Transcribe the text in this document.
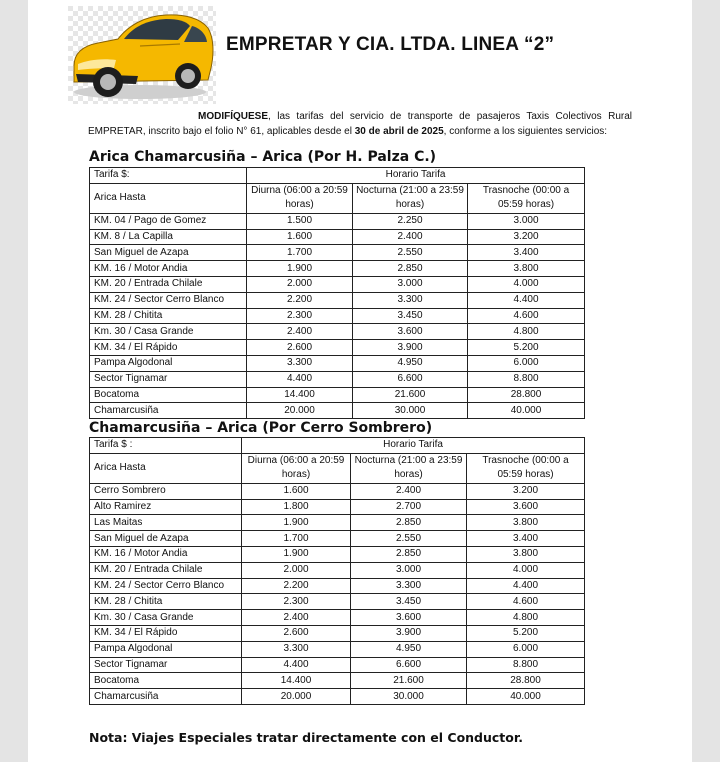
EMPRETAR Y CIA. LTDA. LINEA “2”
MODIFÍQUESE, las tarifas del servicio de transporte de pasajeros Taxis Colectivos Rural EMPRETAR, inscrito bajo el folio N° 61, aplicables desde el 30 de abril de 2025, conforme a los siguientes servicios:
Arica Chamarcusiña – Arica (Por H. Palza C.)
Tarifa $:	Horario Tarifa		
Arica Hasta	Diurna (06:00 a 20:59 horas)	Nocturna (21:00 a 23:59 horas)	Trasnoche (00:00 a 05:59 horas)
KM. 04 / Pago de Gomez	1.500	2.250	3.000
KM. 8 / La Capilla	1.600	2.400	3.200
San Miguel de Azapa	1.700	2.550	3.400
KM. 16 / Motor Andia	1.900	2.850	3.800
KM. 20 / Entrada Chilale	2.000	3.000	4.000
KM. 24 / Sector Cerro Blanco	2.200	3.300	4.400
KM. 28 / Chitita	2.300	3.450	4.600
Km. 30 / Casa Grande	2.400	3.600	4.800
KM. 34 / El Rápido	2.600	3.900	5.200
Pampa Algodonal	3.300	4.950	6.000
Sector Tignamar	4.400	6.600	8.800
Bocatoma	14.400	21.600	28.800
Chamarcusiña	20.000	30.000	40.000
Chamarcusiña – Arica (Por Cerro Sombrero)
Tarifa $ :	Horario Tarifa		
Arica Hasta	Diurna (06:00 a 20:59 horas)	Nocturna (21:00 a 23:59 horas)	Trasnoche (00:00 a 05:59 horas)
Cerro Sombrero	1.600	2.400	3.200
Alto Ramirez	1.800	2.700	3.600
Las Maitas	1.900	2.850	3.800
San Miguel de Azapa	1.700	2.550	3.400
KM. 16 / Motor Andia	1.900	2.850	3.800
KM. 20 / Entrada Chilale	2.000	3.000	4.000
KM. 24 / Sector Cerro Blanco	2.200	3.300	4.400
KM. 28 / Chitita	2.300	3.450	4.600
Km. 30 / Casa Grande	2.400	3.600	4.800
KM. 34 / El Rápido	2.600	3.900	5.200
Pampa Algodonal	3.300	4.950	6.000
Sector Tignamar	4.400	6.600	8.800
Bocatoma	14.400	21.600	28.800
Chamarcusiña	20.000	30.000	40.000
Nota: Viajes Especiales tratar directamente con el Conductor.
